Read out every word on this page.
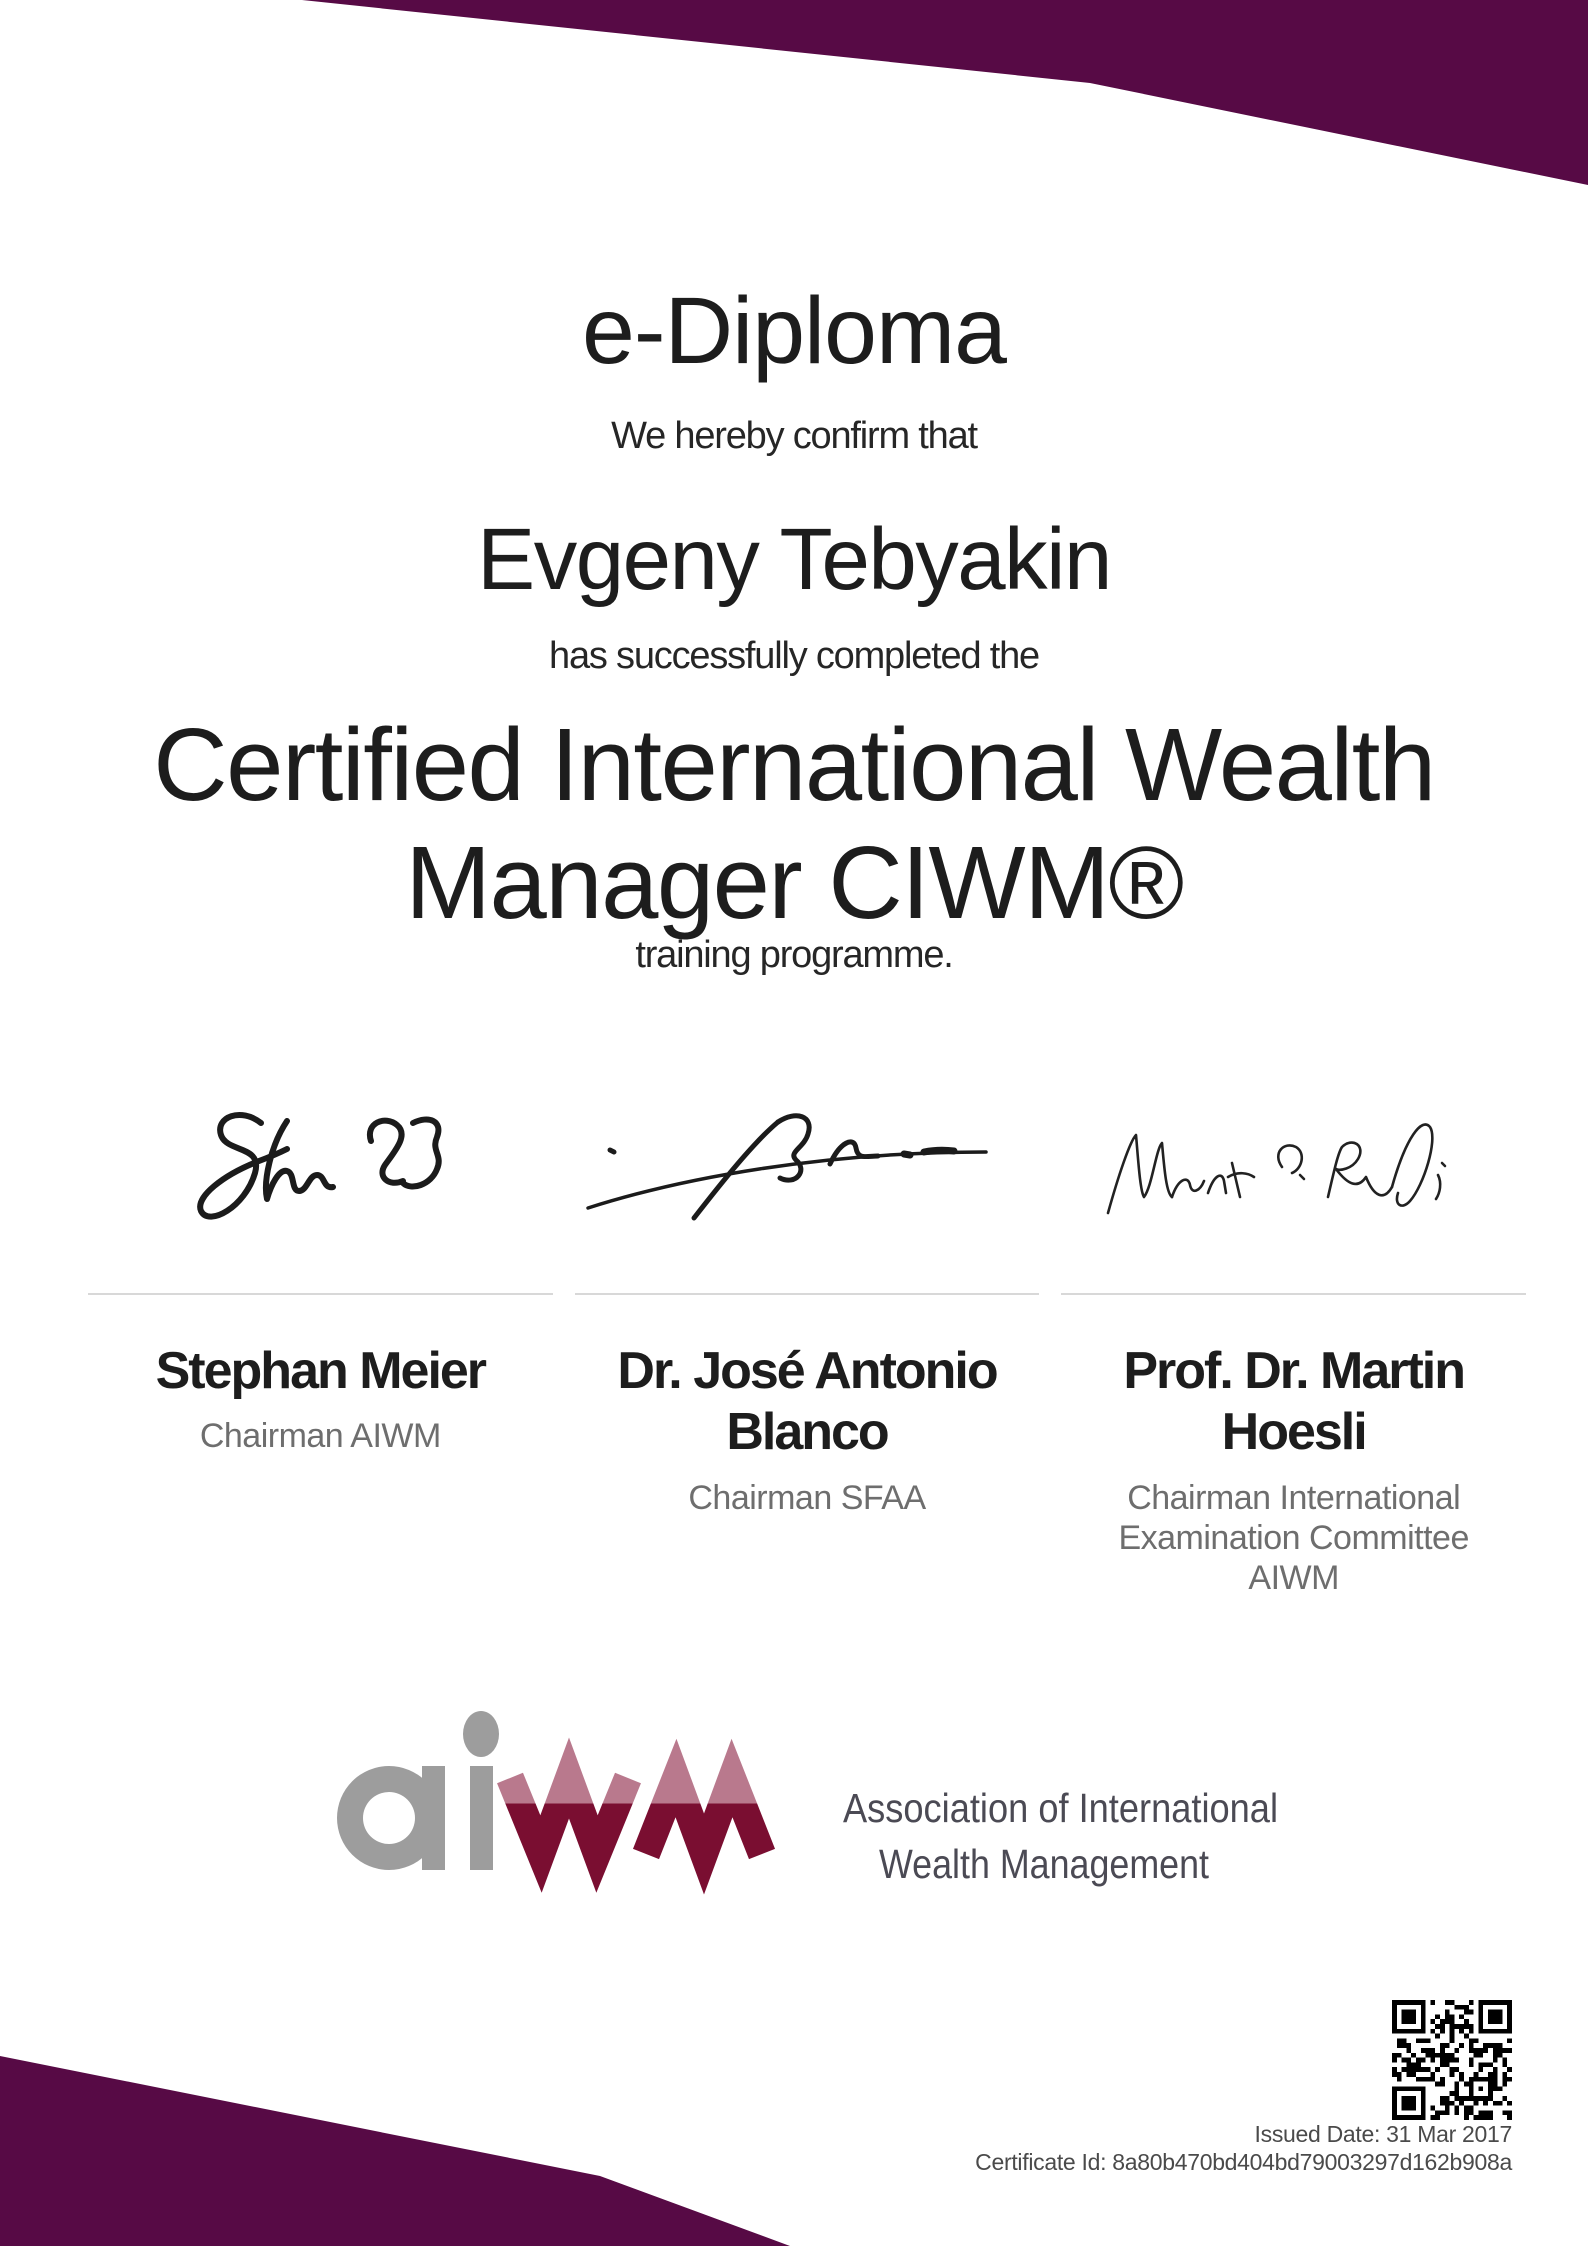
e-Diploma

We hereby confirm that

Evgeny Tebyakin

has successfully completed the

Certified International Wealth
Manager CIWM®

training programme.

Stephan Meier
Chairman AIWM
Dr. José Antonio Blanco
Chairman SFAA
Prof. Dr. Martin Hoesli
Chairman International Examination Committee AIWM
Association of International
Wealth Management
Issued Date: 31 Mar 2017
Certificate Id: 8a80b470bd404bd79003297d162b908a
